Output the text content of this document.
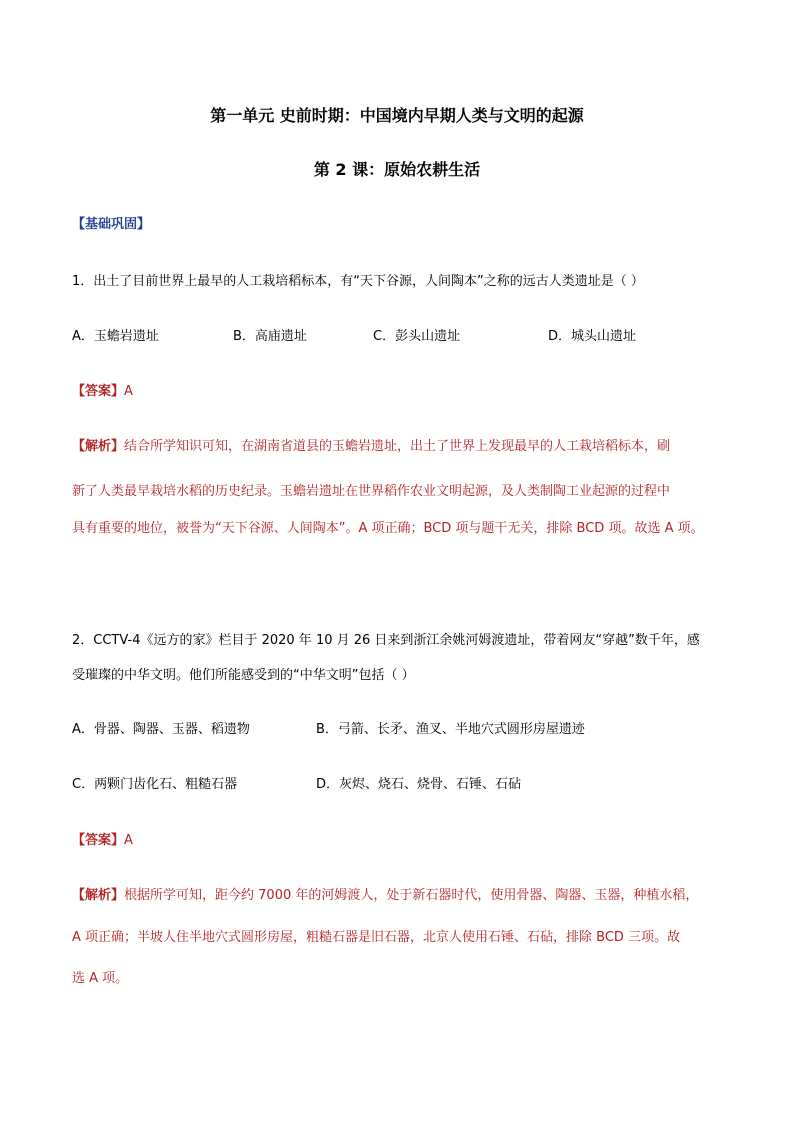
第一单元 史前时期：中国境内早期人类与文明的起源
第 2 课：原始农耕生活
【基础巩固】
1．出土了目前世界上最早的人工栽培稻标本，有“天下谷源，人间陶本”之称的远古人类遗址是（ ）
A．玉蟾岩遗址	B．高庙遗址	C．彭头山遗址	D．城头山遗址
【答案】A
【解析】结合所学知识可知，在湖南省道县的玉蟾岩遗址，出土了世界上发现最早的人工栽培稻标本，刷
新了人类最早栽培水稻的历史纪录。玉蟾岩遗址在世界稻作农业文明起源，及人类制陶工业起源的过程中
具有重要的地位，被誉为“天下谷源、人间陶本”。A 项正确；BCD 项与题干无关，排除 BCD 项。故选 A 项。
2．CCTV-4《远方的家》栏目于 2020 年 10 月 26 日来到浙江余姚河姆渡遗址，带着网友“穿越”数千年，感
受璀璨的中华文明。他们所能感受到的“中华文明”包括（ ）
A．骨器、陶器、玉器、稻遗物	B．弓箭、长矛、渔叉、半地穴式圆形房屋遗迹
C．两颗门齿化石、粗糙石器	D．灰烬、烧石、烧骨、石锤、石砧
【答案】A
【解析】根据所学可知，距今约 7000 年的河姆渡人，处于新石器时代，使用骨器、陶器、玉器，种植水稻，
A 项正确；半坡人住半地穴式圆形房屋，粗糙石器是旧石器，北京人使用石锤、石砧，排除 BCD 三项。故
选 A 项。
